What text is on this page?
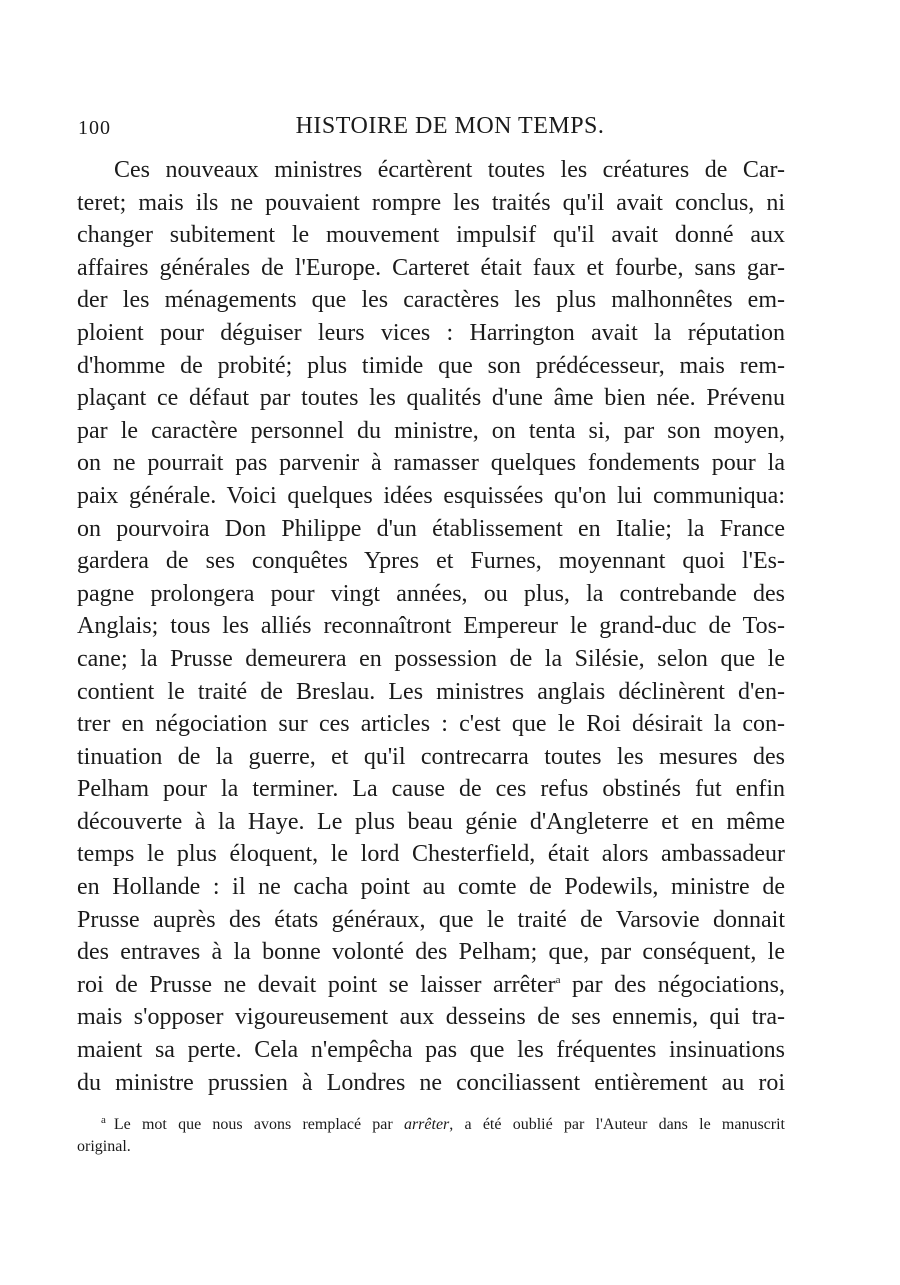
100	HISTOIRE DE MON TEMPS.
Ces nouveaux ministres écartèrent toutes les créatures de Car-
teret; mais ils ne pouvaient rompre les traités qu'il avait conclus, ni
changer subitement le mouvement impulsif qu'il avait donné aux
affaires générales de l'Europe. Carteret était faux et fourbe, sans gar-
der les ménagements que les caractères les plus malhonnêtes em-
ploient pour déguiser leurs vices : Harrington avait la réputation
d'homme de probité; plus timide que son prédécesseur, mais rem-
plaçant ce défaut par toutes les qualités d'une âme bien née. Prévenu
par le caractère personnel du ministre, on tenta si, par son moyen,
on ne pourrait pas parvenir à ramasser quelques fondements pour la
paix générale. Voici quelques idées esquissées qu'on lui communiqua:
on pourvoira Don Philippe d'un établissement en Italie; la France
gardera de ses conquêtes Ypres et Furnes, moyennant quoi l'Es-
pagne prolongera pour vingt années, ou plus, la contrebande des
Anglais; tous les alliés reconnaîtront Empereur le grand-duc de Tos-
cane; la Prusse demeurera en possession de la Silésie, selon que le
contient le traité de Breslau. Les ministres anglais déclinèrent d'en-
trer en négociation sur ces articles : c'est que le Roi désirait la con-
tinuation de la guerre, et qu'il contrecarra toutes les mesures des
Pelham pour la terminer. La cause de ces refus obstinés fut enfin
découverte à la Haye. Le plus beau génie d'Angleterre et en même
temps le plus éloquent, le lord Chesterfield, était alors ambassadeur
en Hollande : il ne cacha point au comte de Podewils, ministre de
Prusse auprès des états généraux, que le traité de Varsovie donnait
des entraves à la bonne volonté des Pelham; que, par conséquent, le
roi de Prusse ne devait point se laisser arrêter$^a$ par des négociations,
mais s'opposer vigoureusement aux desseins de ses ennemis, qui tra-
maient sa perte. Cela n'empêcha pas que les fréquentes insinuations
du ministre prussien à Londres ne conciliassent entièrement au roi
$^a$ Le mot que nous avons remplacé par arrêter, a été oublié par l'Auteur dans le manuscrit
original.
